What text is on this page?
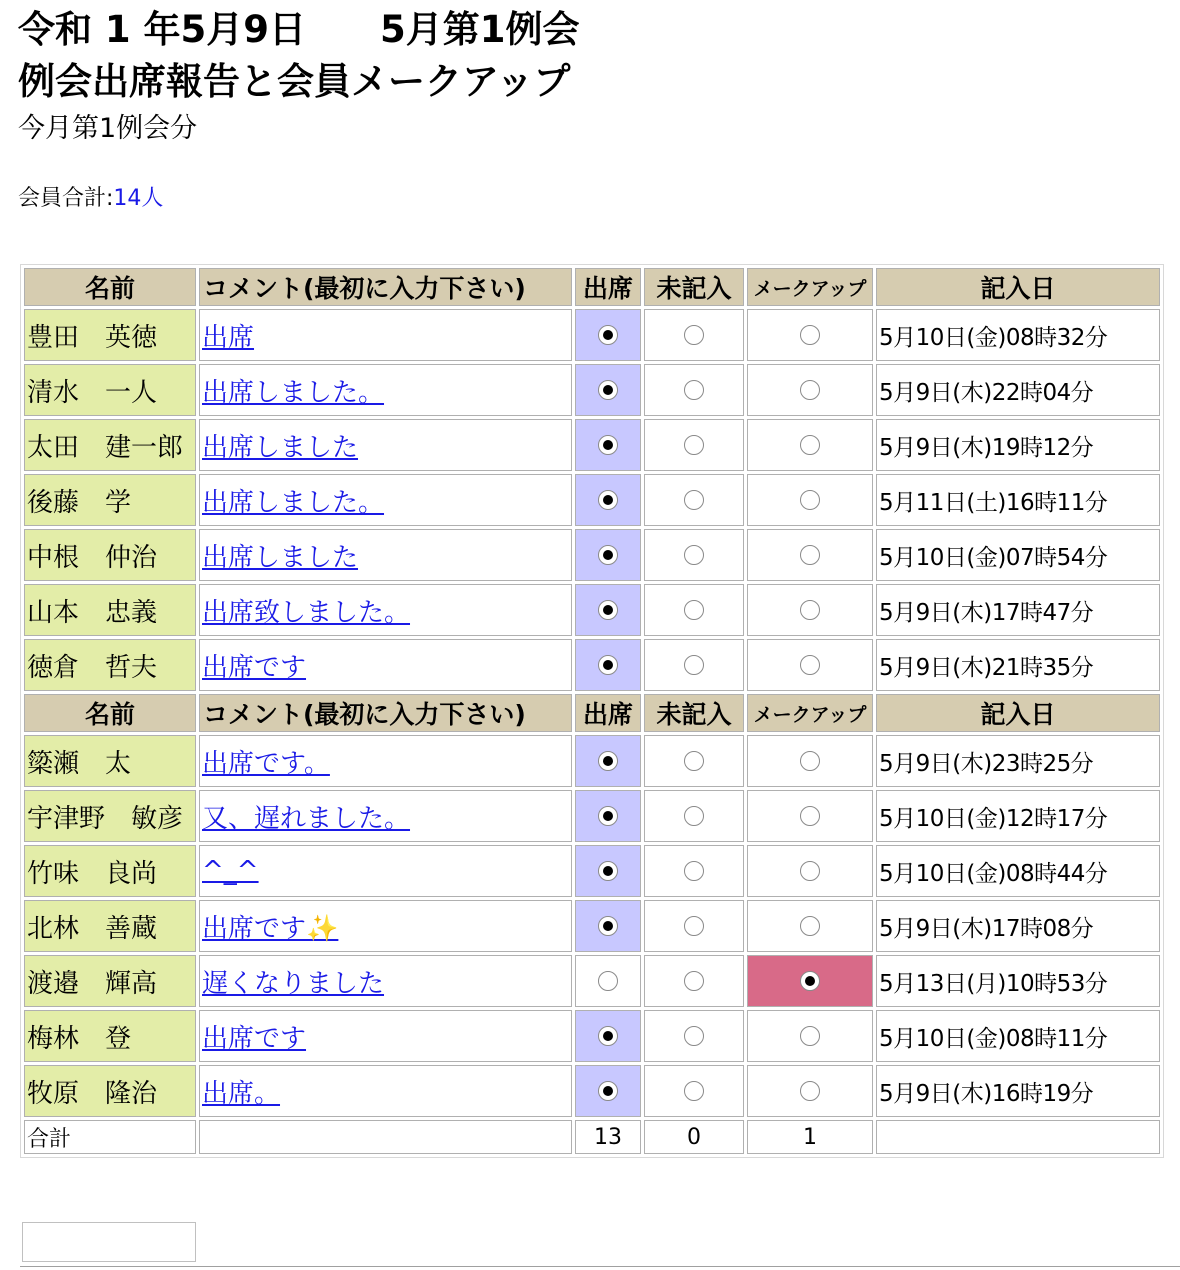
令和 1 年5月9日　　5月第1例会
例会出席報告と会員メークアップ
今月第1例会分
会員合計:14人
名前	コメント(最初に入力下さい)	出席	未記入	メークアップ	記入日
豊田　英徳	出席				5月10日(金)08時32分
清水　一人	出席しました。				5月9日(木)22時04分
太田　建一郎	出席しました				5月9日(木)19時12分
後藤　学	出席しました。				5月11日(土)16時11分
中根　仲治	出席しました				5月10日(金)07時54分
山本　忠義	出席致しました。				5月9日(木)17時47分
徳倉　哲夫	出席です				5月9日(木)21時35分
名前	コメント(最初に入力下さい)	出席	未記入	メークアップ	記入日
簗瀬　太	出席です。				5月9日(木)23時25分
宇津野　敏彦	又、遅れました。				5月10日(金)12時17分
竹味　良尚	^_^				5月10日(金)08時44分
北林　善蔵	出席です✨				5月9日(木)17時08分
渡邉　輝高	遅くなりました				5月13日(月)10時53分
梅林　登	出席です				5月10日(金)08時11分
牧原　隆治	出席。				5月9日(木)16時19分
合計		13	0	1	
